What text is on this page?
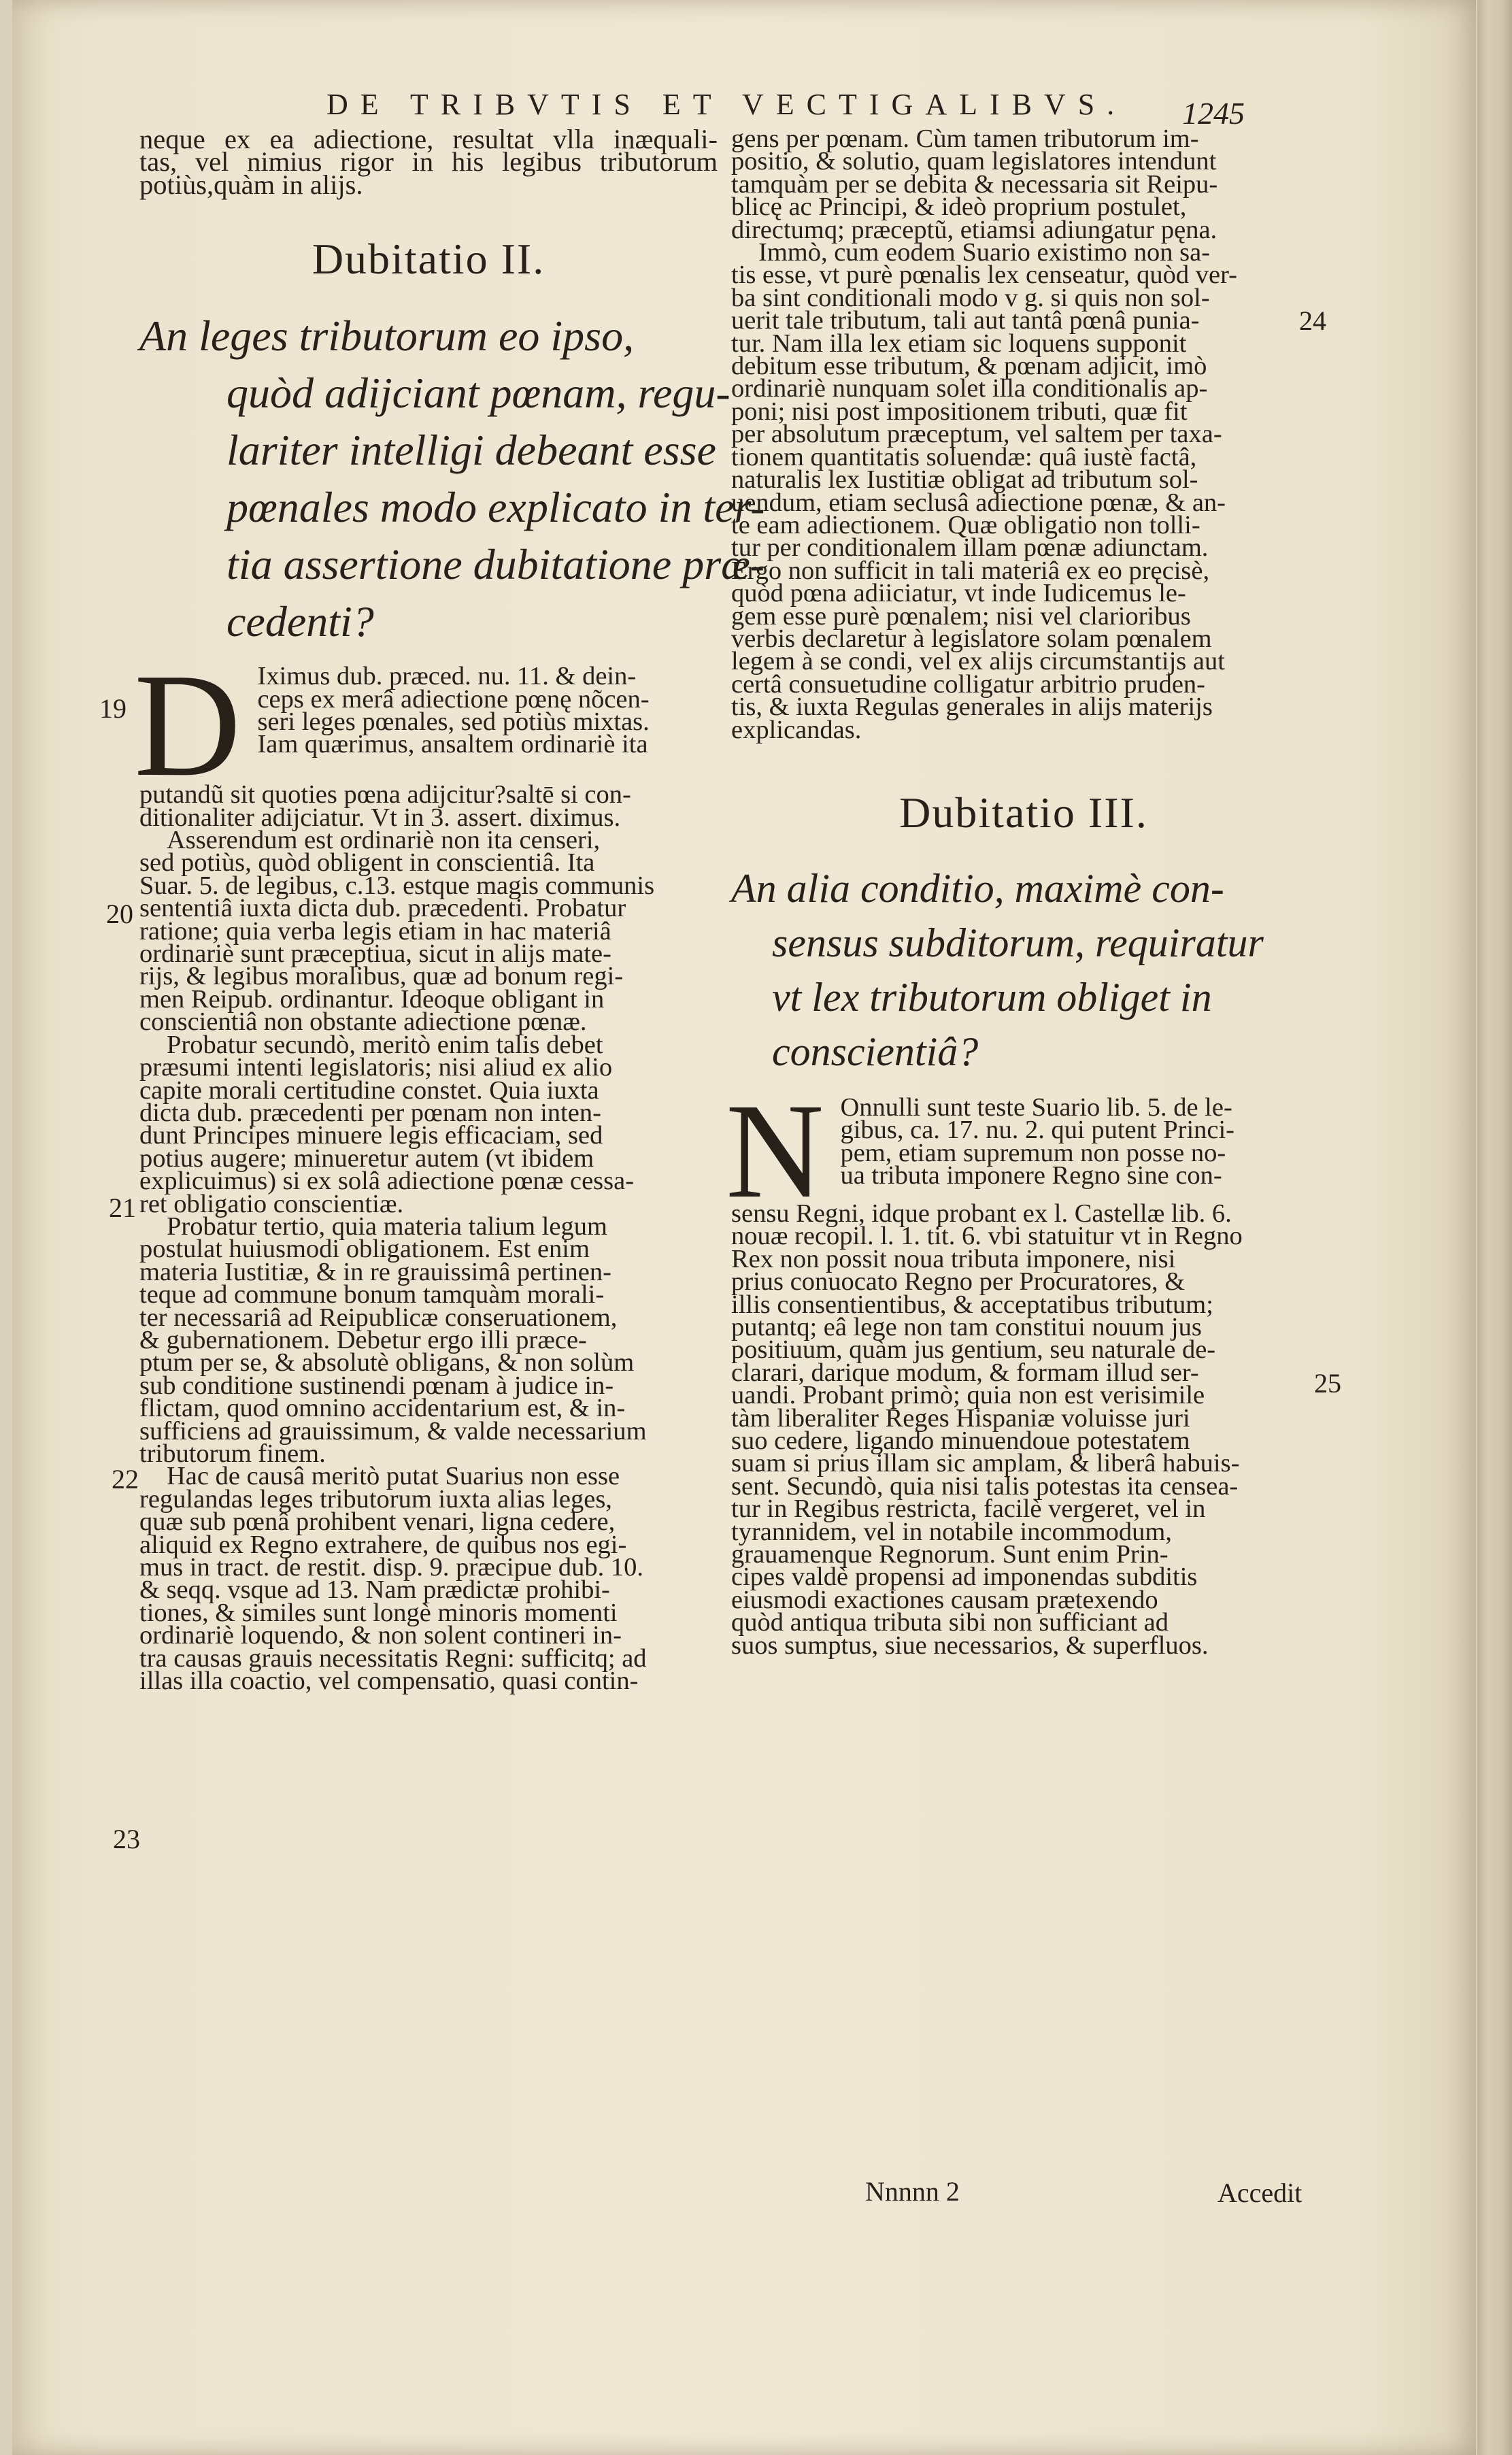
DE TRIBVTIS ET VECTIGALIBVS. 1245
neque ex ea adiectione, resultat vlla inæquali-
tas, vel nimius rigor in his legibus tributorum
potiùs,quàm in alijs.
Dubitatio II.
An leges tributorum eo ipso,
quòd adijciant pœnam, regu-
lariter intelligi debeant esse
pœnales modo explicato in ter-
tia assertione dubitatione præ-
cedenti?
D Iximus dub. præced. nu. 11. & dein-
ceps ex merâ adiectione pœnę nõcen-
seri leges pœnales, sed potiùs mixtas.
Iam quærimus, ansaltem ordinariè ita
putandũ sit quoties pœna adijcitur?saltē si con-
ditionaliter adijciatur. Vt in 3. assert. diximus.
Asserendum est ordinariè non ita censeri,
sed potiùs, quòd obligent in conscientiâ. Ita
Suar. 5. de legibus, c.13. estque magis communis
sententiâ iuxta dicta dub. præcedenti. Probatur
ratione; quia verba legis etiam in hac materiâ
ordinariè sunt præceptiua, sicut in alijs mate-
rijs, & legibus moralibus, quæ ad bonum regi-
men Reipub. ordinantur. Ideoque obligant in
conscientiâ non obstante adiectione pœnæ.
Probatur secundò, meritò enim talis debet
præsumi intenti legislatoris; nisi aliud ex alio
capite morali certitudine constet. Quia iuxta
dicta dub. præcedenti per pœnam non inten-
dunt Principes minuere legis efficaciam, sed
potius augere; minueretur autem (vt ibidem
explicuimus) si ex solâ adiectione pœnæ cessa-
ret obligatio conscientiæ.
Probatur tertio, quia materia talium legum
postulat huiusmodi obligationem. Est enim
materia Iustitiæ, & in re grauissimâ pertinen-
teque ad commune bonum tamquàm morali-
ter necessariâ ad Reipublicæ conseruationem,
& gubernationem. Debetur ergo illi præce-
ptum per se, & absolutè obligans, & non solùm
sub conditione sustinendi pœnam à judice in-
flictam, quod omnino accidentarium est, & in-
sufficiens ad grauissimum, & valde necessarium
tributorum finem.
Hac de causâ meritò putat Suarius non esse
regulandas leges tributorum iuxta alias leges,
quæ sub pœnâ prohibent venari, ligna cedere,
aliquid ex Regno extrahere, de quibus nos egi-
mus in tract. de restit. disp. 9. præcipue dub. 10.
& seqq. vsque ad 13. Nam prædictæ prohibi-
tiones, & similes sunt longè minoris momenti
ordinariè loquendo, & non solent contineri in-
tra causas grauis necessitatis Regni: sufficitq; ad
illas illa coactio, vel compensatio, quasi contin-
19
20
21
22
23
gens per pœnam. Cùm tamen tributorum im-
positio, & solutio, quam legislatores intendunt
tamquàm per se debita & necessaria sit Reipu-
blicę ac Principi, & ideò proprium postulet,
directumq; præceptũ, etiamsi adiungatur pęna.
Immò, cum eodem Suario existimo non sa-
tis esse, vt purè pœnalis lex censeatur, quòd ver-
ba sint conditionali modo v g. si quis non sol-
uerit tale tributum, tali aut tantâ pœnâ punia-
tur. Nam illa lex etiam sic loquens supponit
debitum esse tributum, & pœnam adjicit, imò
ordinariè nunquam solet illa conditionalis ap-
poni; nisi post impositionem tributi, quæ fit
per absolutum præceptum, vel saltem per taxa-
tionem quantitatis soluendæ: quâ iustè factâ,
naturalis lex Iustitiæ obligat ad tributum sol-
uendum, etiam seclusâ adiectione pœnæ, & an-
te eam adiectionem. Quæ obligatio non tolli-
tur per conditionalem illam pœnæ adiunctam.
Ergo non sufficit in tali materiâ ex eo pręcisè,
quòd pœna adiiciatur, vt inde Iudicemus le-
gem esse purè pœnalem; nisi vel clarioribus
verbis declaretur à legislatore solam pœnalem
legem à se condi, vel ex alijs circumstantijs aut
certâ consuetudine colligatur arbitrio pruden-
tis, & iuxta Regulas generales in alijs materijs
explicandas.
Dubitatio III.
An alia conditio, maximè con-
sensus subditorum, requiratur
vt lex tributorum obliget in
conscientiâ?
N Onnulli sunt teste Suario lib. 5. de le-
gibus, ca. 17. nu. 2. qui putent Princi-
pem, etiam supremum non posse no-
ua tributa imponere Regno sine con-
sensu Regni, idque probant ex l. Castellæ lib. 6.
nouæ recopil. l. 1. tit. 6. vbi statuitur vt in Regno
Rex non possit noua tributa imponere, nisi
prius conuocato Regno per Procuratores, &
illis consentientibus, & acceptatibus tributum;
putantq; eâ lege non tam constitui nouum jus
positiuum, quàm jus gentium, seu naturale de-
clarari, darique modum, & formam illud ser-
uandi. Probant primò; quia non est verisimile
tàm liberaliter Reges Hispaniæ voluisse juri
suo cedere, ligando minuendoue potestatem
suam si prius illam sic amplam, & liberâ habuis-
sent. Secundò, quia nisi talis potestas ita censea-
tur in Regibus restricta, facilè vergeret, vel in
tyrannidem, vel in notabile incommodum,
grauamenque Regnorum. Sunt enim Prin-
cipes valdè propensi ad imponendas subditis
eiusmodi exactiones causam prætexendo
quòd antiqua tributa sibi non sufficiant ad
suos sumptus, siue necessarios, & superfluos.
24
25
Nnnnn 2	Accedit
